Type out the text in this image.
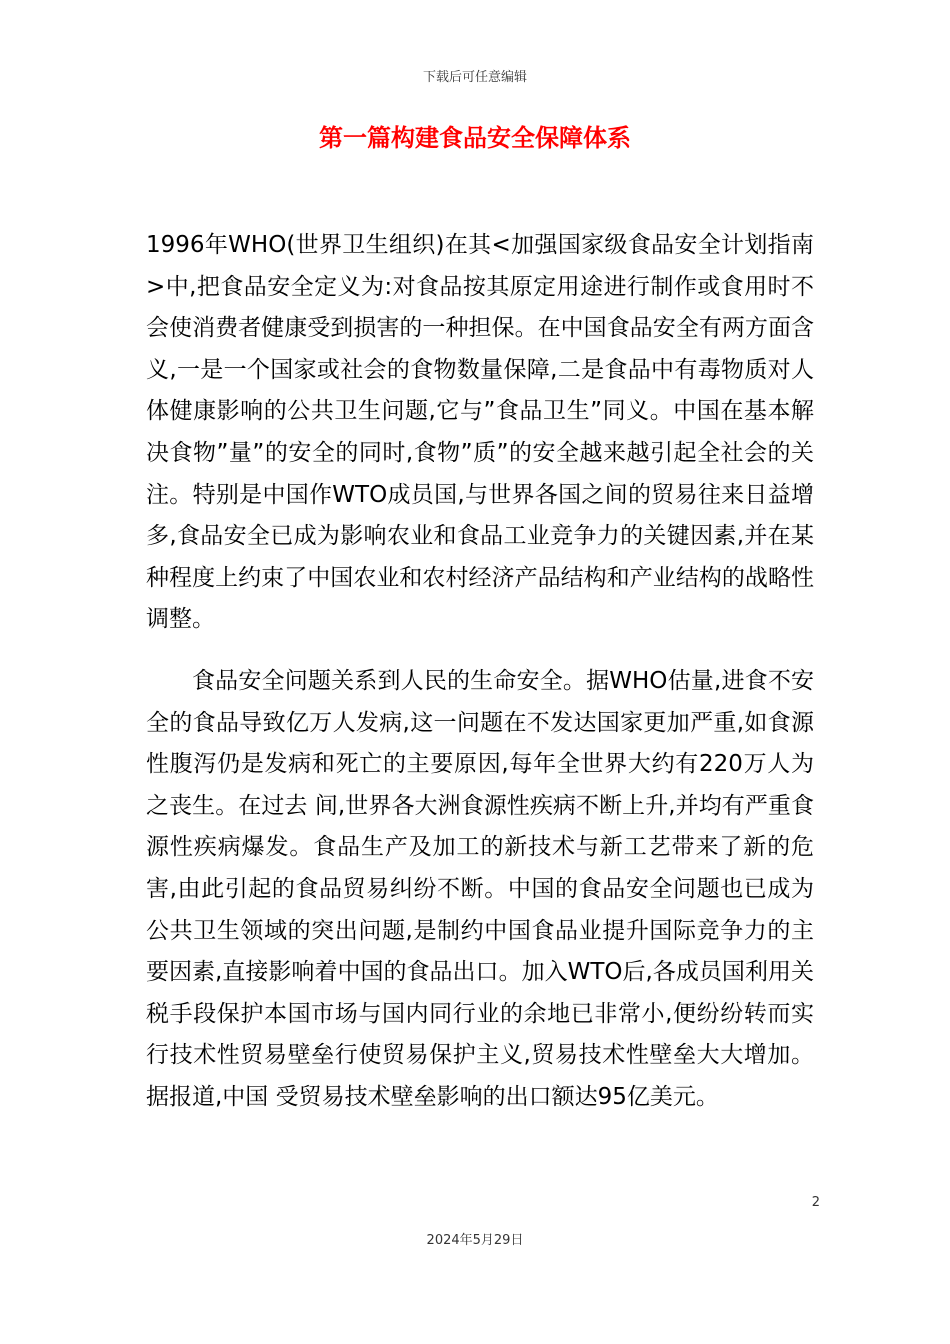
下载后可任意编辑
第一篇构建食品安全保障体系

1996年WHO(世界卫生组织)在其<加强国家级食品安全计划指南>中,把食品安全定义为:对食品按其原定用途进行制作或食用时不会使消费者健康受到损害的一种担保。在中国食品安全有两方面含义,一是一个国家或社会的食物数量保障,二是食品中有毒物质对人体健康影响的公共卫生问题,它与”食品卫生”同义。中国在基本解决食物”量”的安全的同时,食物”质”的安全越来越引起全社会的关注。特别是中国作WTO成员国,与世界各国之间的贸易往来日益增多,食品安全已成为影响农业和食品工业竞争力的关键因素,并在某种程度上约束了中国农业和农村经济产品结构和产业结构的战略性调整。

食品安全问题关系到人民的生命安全。据WHO估量,进食不安全的食品导致亿万人发病,这一问题在不发达国家更加严重,如食源性腹泻仍是发病和死亡的主要原因,每年全世界大约有220万人为之丧生。在过去 间,世界各大洲食源性疾病不断上升,并均有严重食源性疾病爆发。食品生产及加工的新技术与新工艺带来了新的危害,由此引起的食品贸易纠纷不断。中国的食品安全问题也已成为公共卫生领域的突出问题,是制约中国食品业提升国际竞争力的主要因素,直接影响着中国的食品出口。加入WTO后,各成员国利用关税手段保护本国市场与国内同行业的余地已非常小,便纷纷转而实行技术性贸易壁垒行使贸易保护主义,贸易技术性壁垒大大增加。据报道,中国 受贸易技术壁垒影响的出口额达95亿美元。

2
2024年5月29日
